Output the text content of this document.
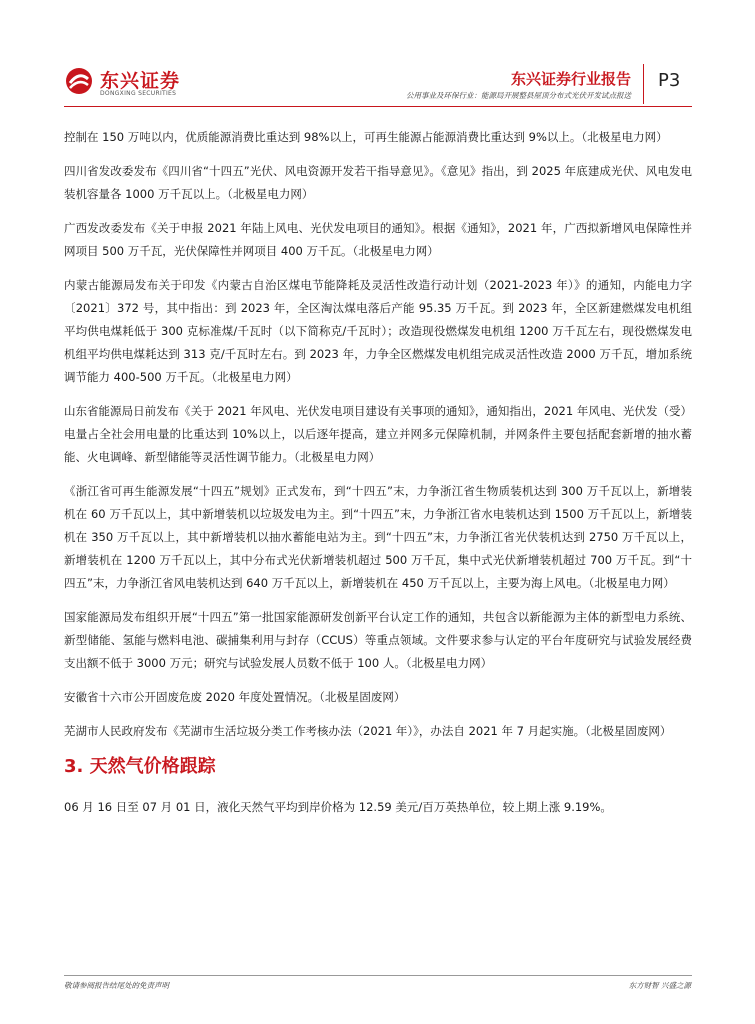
东兴证券
DONGXING SECURITIES
东兴证券行业报告
公用事业及环保行业：能源局开展整县屋顶分布式光伏开发试点报送
P3

控制在 150 万吨以内，优质能源消费比重达到 98%以上，可再生能源占能源消费比重达到 9%以上。（北极星电力网）

四川省发改委发布《四川省“十四五”光伏、风电资源开发若干指导意见》。《意见》指出，到 2025 年底建成光伏、风电发电装机容量各 1000 万千瓦以上。（北极星电力网）

广西发改委发布《关于申报 2021 年陆上风电、光伏发电项目的通知》。根据《通知》，2021 年，广西拟新增风电保障性并网项目 500 万千瓦，光伏保障性并网项目 400 万千瓦。（北极星电力网）

内蒙古能源局发布关于印发《内蒙古自治区煤电节能降耗及灵活性改造行动计划（2021-2023 年）》的通知，内能电力字〔2021〕372 号，其中指出：到 2023 年，全区淘汰煤电落后产能 95.35 万千瓦。到 2023 年，全区新建燃煤发电机组平均供电煤耗低于 300 克标准煤/千瓦时（以下简称克/千瓦时）；改造现役燃煤发电机组 1200 万千瓦左右，现役燃煤发电机组平均供电煤耗达到 313 克/千瓦时左右。到 2023 年，力争全区燃煤发电机组完成灵活性改造 2000 万千瓦，增加系统调节能力 400-500 万千瓦。（北极星电力网）

山东省能源局日前发布《关于 2021 年风电、光伏发电项目建设有关事项的通知》，通知指出，2021 年风电、光伏发（受）电量占全社会用电量的比重达到 10%以上，以后逐年提高，建立并网多元保障机制，并网条件主要包括配套新增的抽水蓄能、火电调峰、新型储能等灵活性调节能力。（北极星电力网）

《浙江省可再生能源发展“十四五”规划》正式发布，到“十四五”末，力争浙江省生物质装机达到 300 万千瓦以上，新增装机在 60 万千瓦以上，其中新增装机以垃圾发电为主。到“十四五”末，力争浙江省水电装机达到 1500 万千瓦以上，新增装机在 350 万千瓦以上，其中新增装机以抽水蓄能电站为主。到“十四五”末，力争浙江省光伏装机达到 2750 万千瓦以上，新增装机在 1200 万千瓦以上，其中分布式光伏新增装机超过 500 万千瓦，集中式光伏新增装机超过 700 万千瓦。到“十四五”末，力争浙江省风电装机达到 640 万千瓦以上，新增装机在 450 万千瓦以上，主要为海上风电。（北极星电力网）

国家能源局发布组织开展“十四五”第一批国家能源研发创新平台认定工作的通知，共包含以新能源为主体的新型电力系统、新型储能、氢能与燃料电池、碳捕集利用与封存（CCUS）等重点领域。文件要求参与认定的平台年度研究与试验发展经费支出额不低于 3000 万元；研究与试验发展人员数不低于 100 人。（北极星电力网）

安徽省十六市公开固废危废 2020 年度处置情况。（北极星固废网）

芜湖市人民政府发布《芜湖市生活垃圾分类工作考核办法（2021 年）》，办法自 2021 年 7 月起实施。（北极星固废网）

3. 天然气价格跟踪

06 月 16 日至 07 月 01 日，液化天然气平均到岸价格为 12.59 美元/百万英热单位，较上期上涨 9.19%。

敬请参阅报告结尾处的免责声明	东方财智 兴盛之源
